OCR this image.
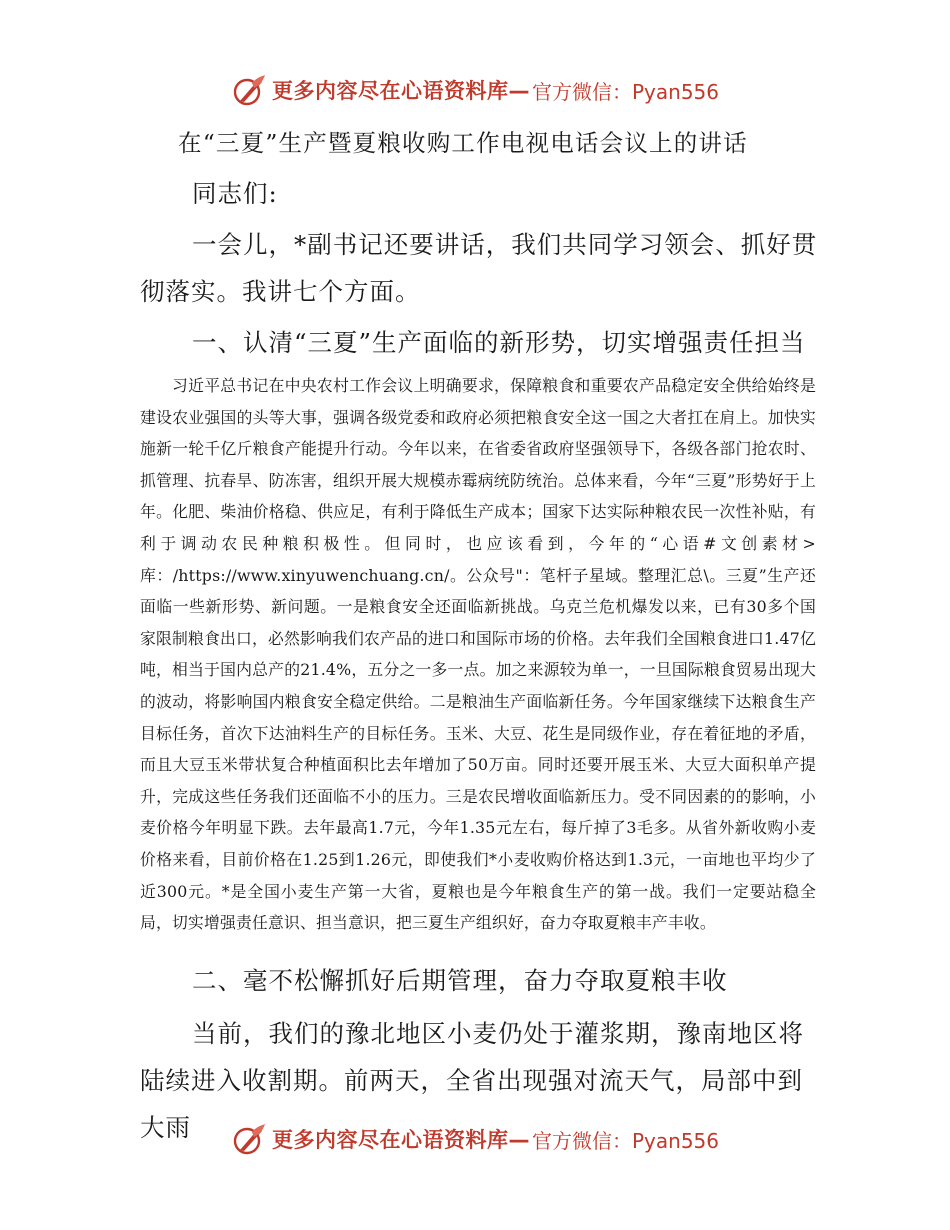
更多内容尽在心语资料库— 官方微信：Pyan556
在“三夏”生产暨夏粮收购工作电视电话会议上的讲话

同志们:

一会儿，*副书记还要讲话，我们共同学习领会、抓好贯彻落实。我讲七个方面。

一、认清“三夏”生产面临的新形势，切实增强责任担当

习近平总书记在中央农村工作会议上明确要求，保障粮食和重要农产品稳定安全供给始终是建设农业强国的头等大事，强调各级党委和政府必须把粮食安全这一国之大者扛在肩上。加快实施新一轮千亿斤粮食产能提升行动。今年以来，在省委省政府坚强领导下，各级各部门抢农时、抓管理、抗春旱、防冻害，组织开展大规模赤霉病统防统治。总体来看，今年“三夏”形势好于上年。化肥、柴油价格稳、供应足，有利于降低生产成本；国家下达实际种粮农民一次性补贴，有利于调动农民种粮积极性。但同时，也应该看到，今年的“心语#文创素材>库：/https://www.xinyuwenchuang.cn/。公众号"：笔杆子星域。整理汇总\。三夏”生产还面临一些新形势、新问题。一是粮食安全还面临新挑战。乌克兰危机爆发以来，已有30多个国家限制粮食出口，必然影响我们农产品的进口和国际市场的价格。去年我们全国粮食进口1.47亿吨，相当于国内总产的21.4%，五分之一多一点。加之来源较为单一，一旦国际粮食贸易出现大的波动，将影响国内粮食安全稳定供给。二是粮油生产面临新任务。今年国家继续下达粮食生产目标任务，首次下达油料生产的目标任务。玉米、大豆、花生是同级作业，存在着征地的矛盾，而且大豆玉米带状复合种植面积比去年增加了50万亩。同时还要开展玉米、大豆大面积单产提升，完成这些任务我们还面临不小的压力。三是农民增收面临新压力。受不同因素的的影响，小麦价格今年明显下跌。去年最高1.7元，今年1.35元左右，每斤掉了3毛多。从省外新收购小麦价格来看，目前价格在1.25到1.26元，即使我们*小麦收购价格达到1.3元，一亩地也平均少了近300元。*是全国小麦生产第一大省，夏粮也是今年粮食生产的第一战。我们一定要站稳全局，切实增强责任意识、担当意识，把三夏生产组织好，奋力夺取夏粮丰产丰收。

二、毫不松懈抓好后期管理，奋力夺取夏粮丰收

当前，我们的豫北地区小麦仍处于灌浆期，豫南地区将陆续进入收割期。前两天，全省出现强对流天气，局部中到大雨	更多内容尽在心语资料库— 官方微信：Pyan556
